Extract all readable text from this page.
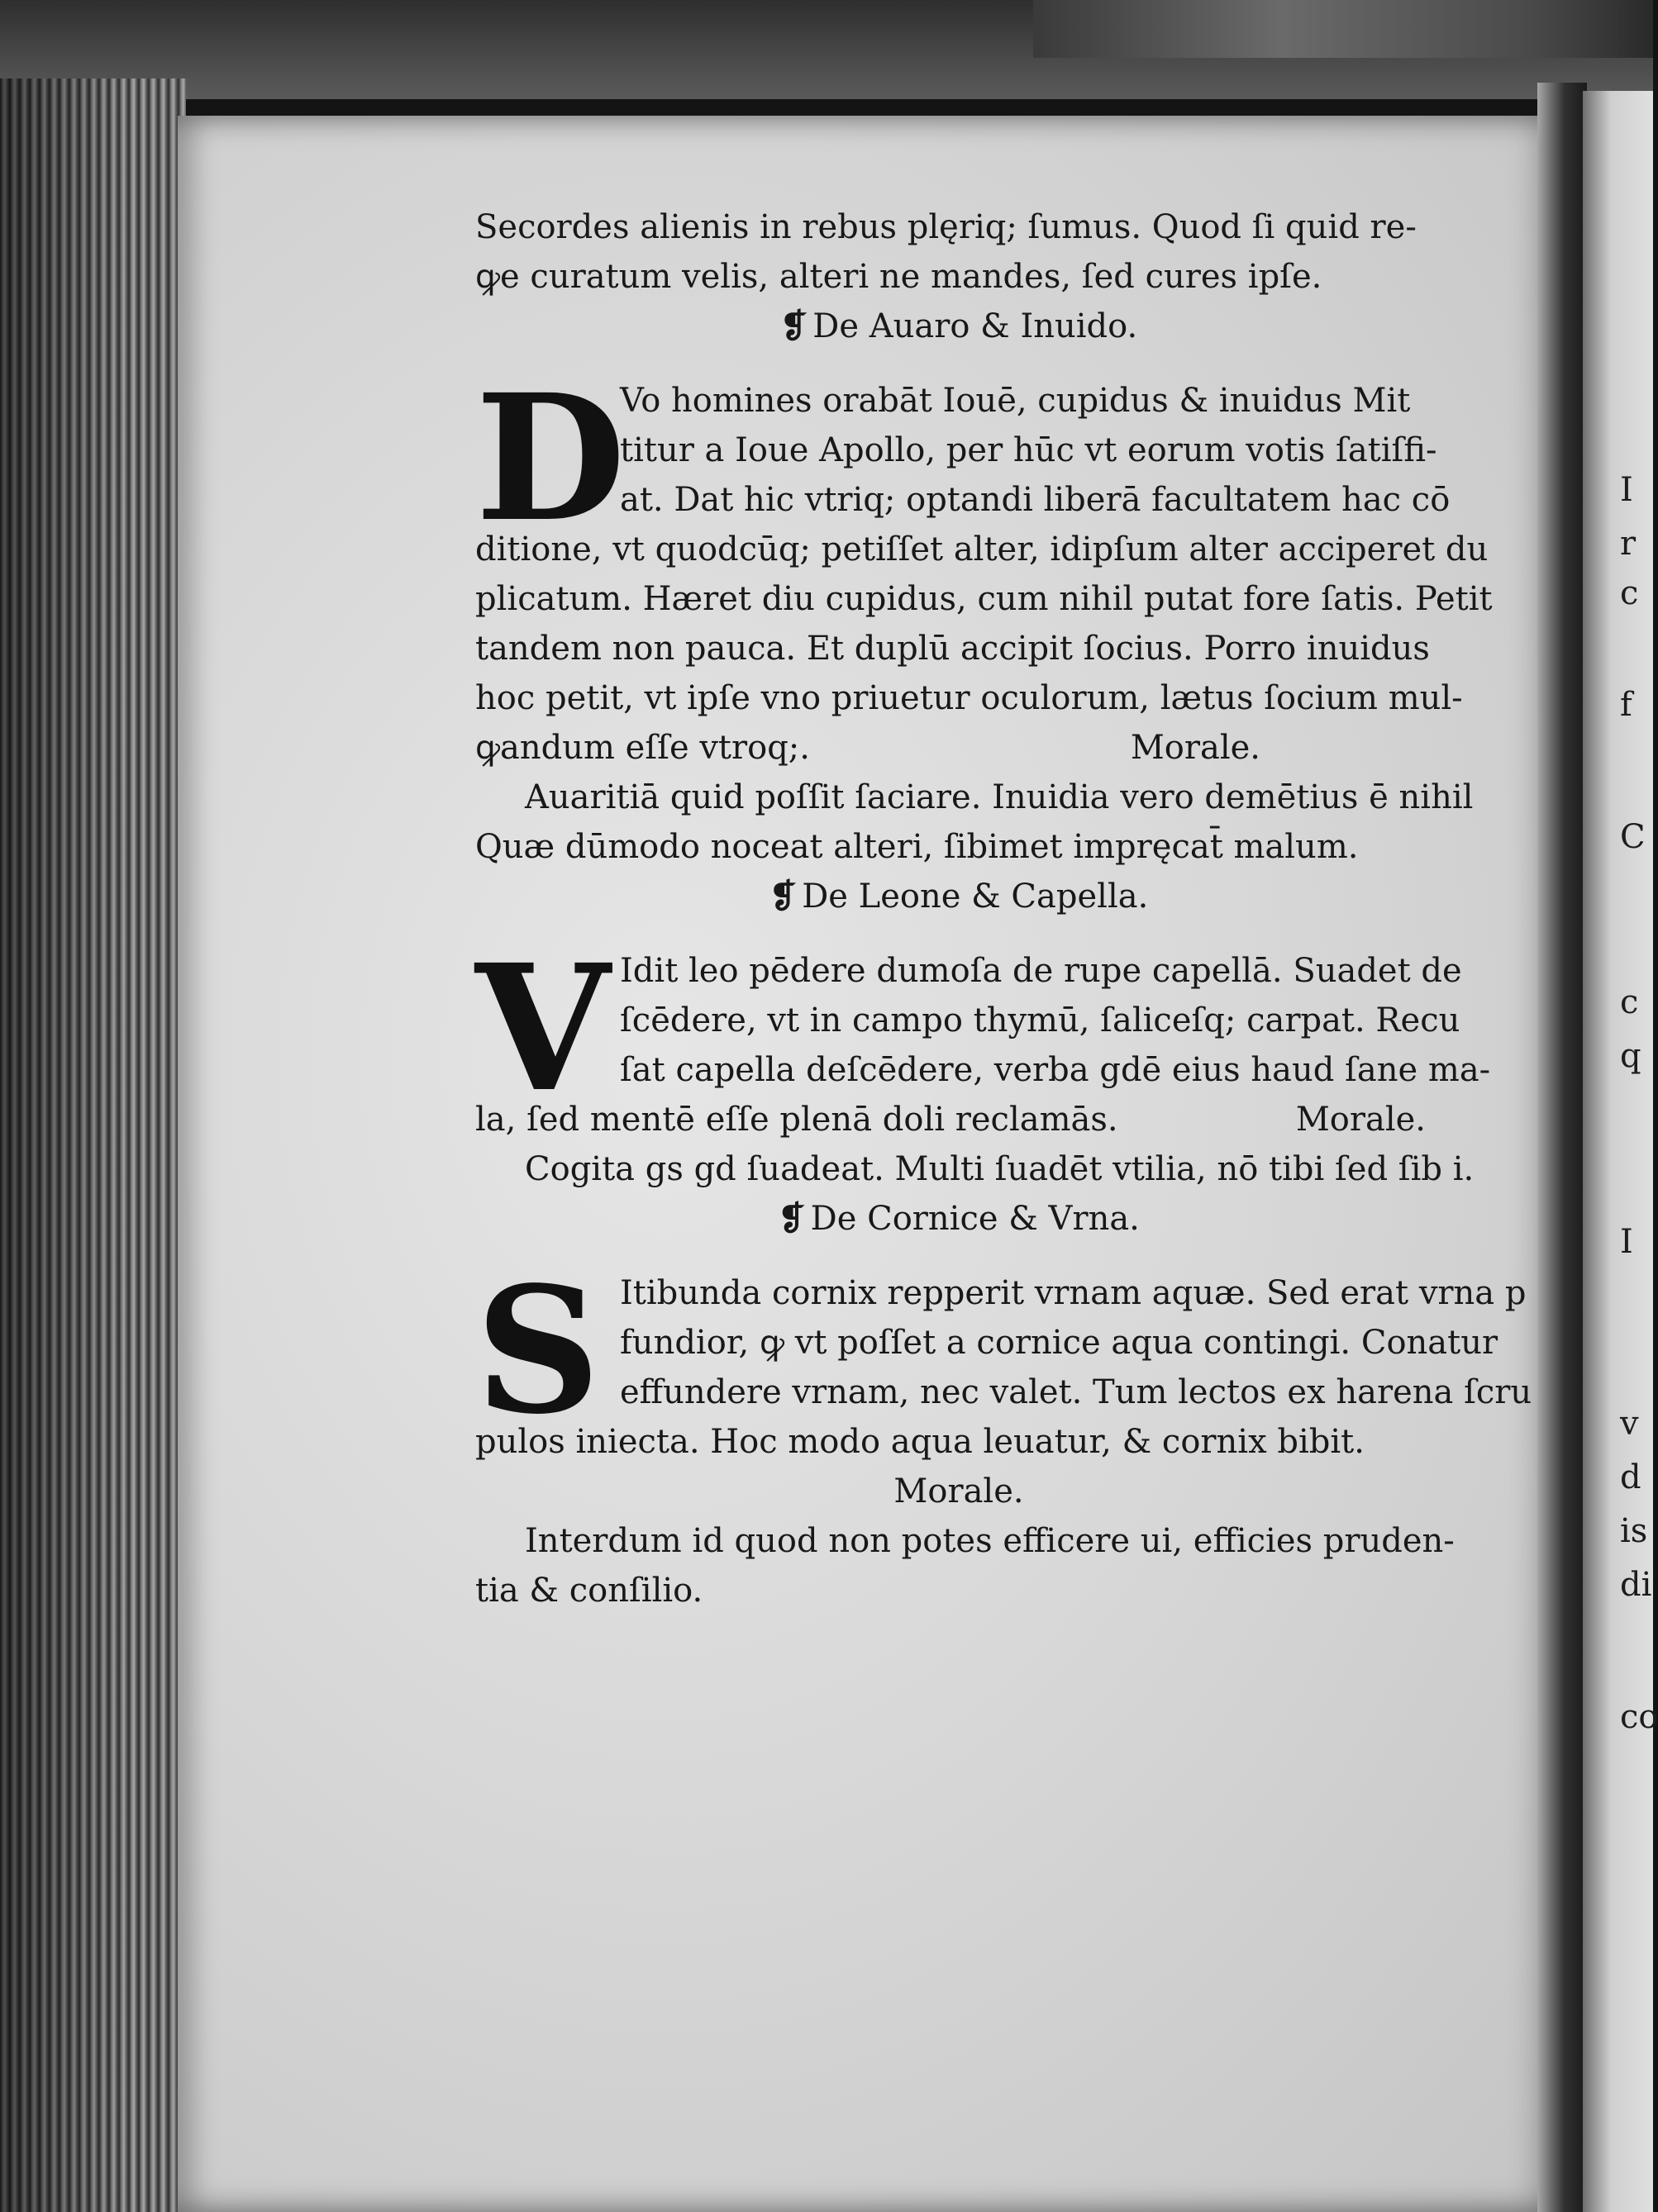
I
r
c
f
C
c
q
I
v
d
is
di
co
Secordes alienis in rebus plęriq; ſumus. Quod ſi quid re-
ꝙe curatum velis, alteri ne mandes, ſed cures ipſe.
❡ De Auaro & Inuido.
D
Vo homines orabāt Iouē, cupidus & inuidus Mit
titur a Ioue Apollo, per hūc vt eorum votis ſatiſfi-
at. Dat hic vtriq; optandi liberā facultatem hac cō
ditione, vt quodcūq; petiſſet alter, idipſum alter acciperet du
plicatum. Hæret diu cupidus, cum nihil putat fore ſatis. Petit
tandem non pauca. Et duplū accipit ſocius. Porro inuidus
hoc petit, vt ipſe vno priuetur oculorum, lætus ſocium mul-
ꝙandum eſſe vtroq;.	Morale.
Auaritiā quid poſſit ſaciare. Inuidia vero demētius ē nihil
Quæ dūmodo noceat alteri, ſibimet impręcat̄ malum.
❡ De Leone & Capella.
V Idit leo pēdere dumoſa de rupe capellā. Suadet de
ſcēdere, vt in campo thymū, ſaliceſq; carpat. Recu
ſat capella deſcēdere, verba gdē eius haud ſane ma-
la, ſed mentē eſſe plenā doli reclamās.	Morale.
Cogita gs gd ſuadeat. Multi ſuadēt vtilia, nō tibi ſed ſib i.
❡ De Cornice & Vrna.
S Itibunda cornix repperit vrnam aquæ. Sed erat vrna p
fundior, ꝙ vt poſſet a cornice aqua contingi. Conatur
effundere vrnam, nec valet. Tum lectos ex harena ſcru
pulos iniecta. Hoc modo aqua leuatur, & cornix bibit.
Morale.
Interdum id quod non potes efficere ui, efficies pruden-
tia & conſilio.
